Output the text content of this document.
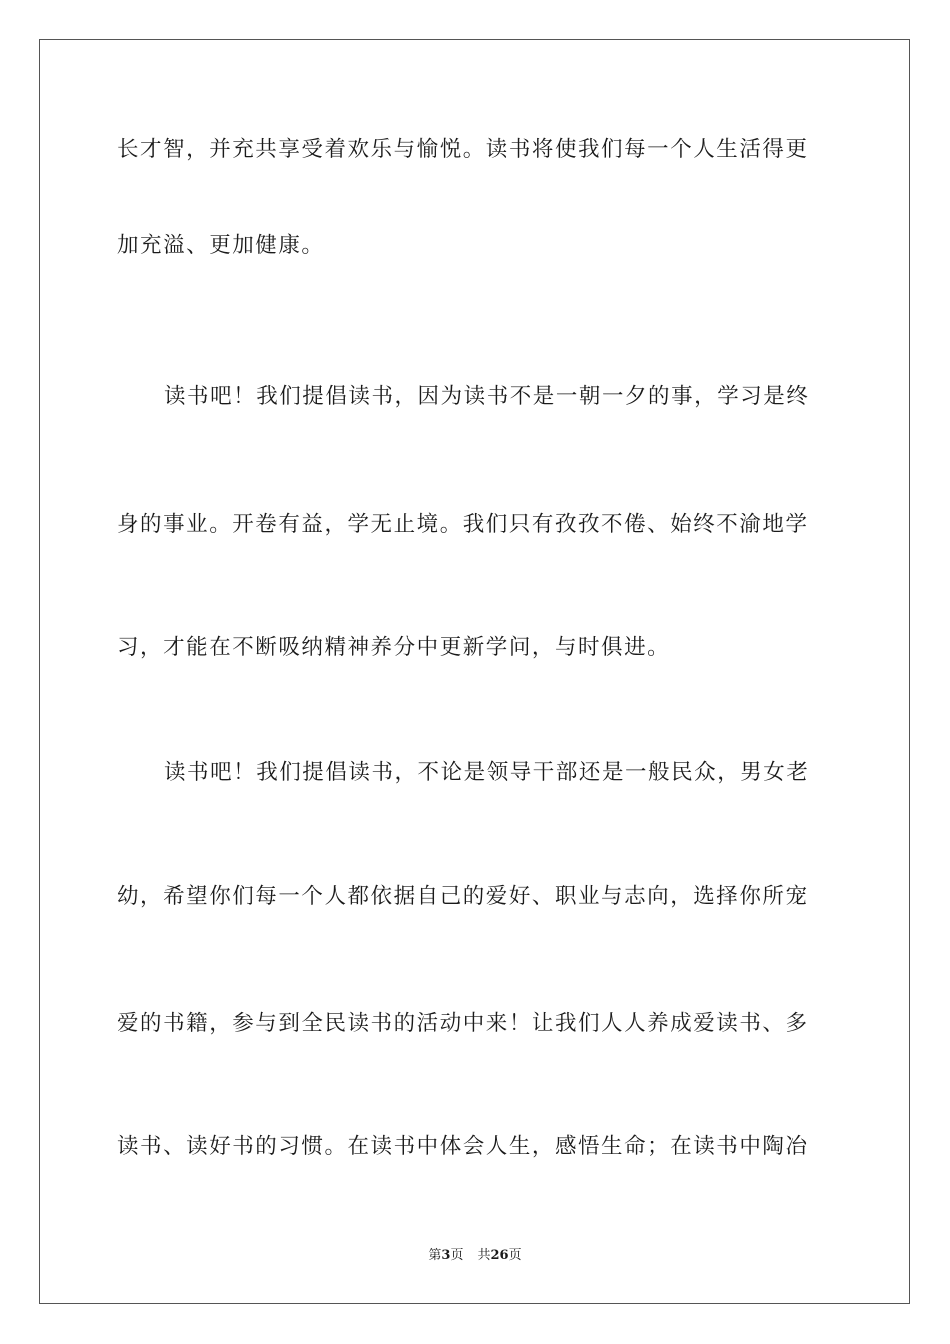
长才智，并充共享受着欢乐与愉悦。读书将使我们每一个人生活得更
加充溢、更加健康。
读书吧！我们提倡读书，因为读书不是一朝一夕的事，学习是终
身的事业。开卷有益，学无止境。我们只有孜孜不倦、始终不渝地学
习，才能在不断吸纳精神养分中更新学问，与时俱进。
读书吧！我们提倡读书，不论是领导干部还是一般民众，男女老
幼，希望你们每一个人都依据自己的爱好、职业与志向，选择你所宠
爱的书籍，参与到全民读书的活动中来！让我们人人养成爱读书、多
读书、读好书的习惯。在读书中体会人生，感悟生命；在读书中陶冶
第3页 共26页
